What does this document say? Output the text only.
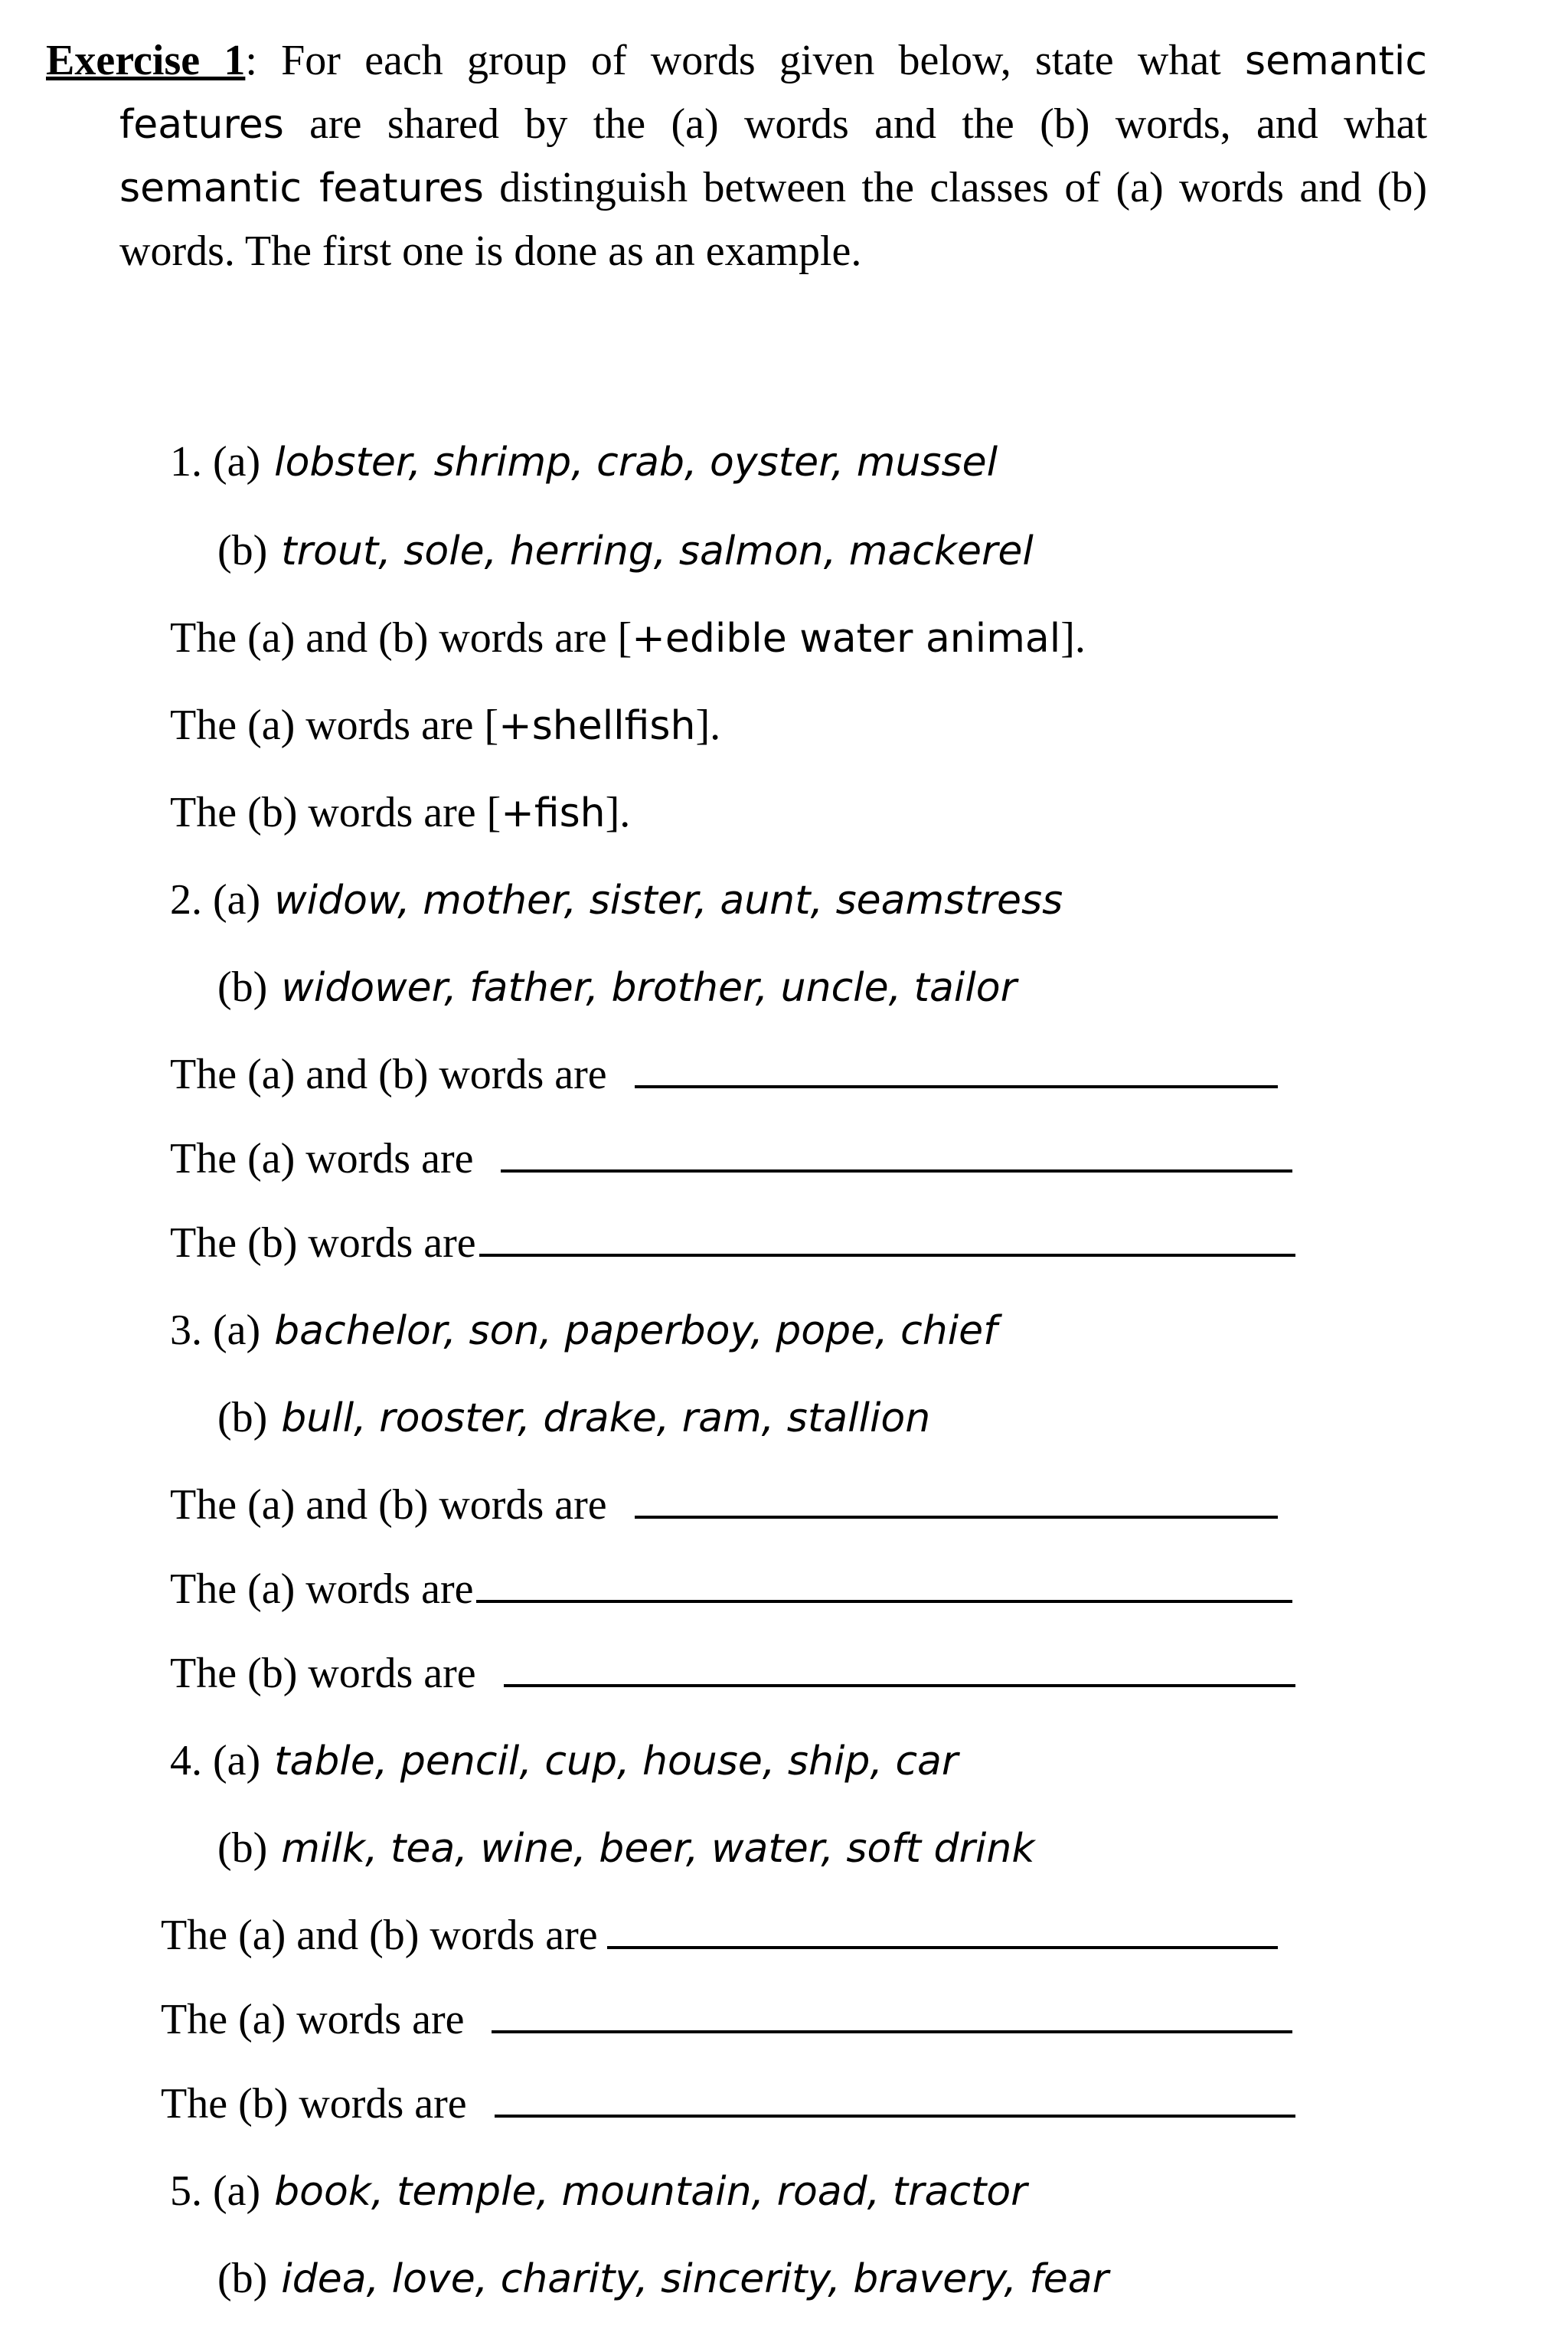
Exercise 1: For each group of words given below, state what semantic features are shared by the (a) words and the (b) words, and what semantic features distinguish between the classes of (a) words and (b) words. The first one is done as an example.
1.
(a) lobster, shrimp, crab, oyster, mussel
(b) trout, sole, herring, salmon, mackerel
The (a) and (b) words are [ +edible water animal ].
The (a) words are [ +shellfish ].
The (b) words are [ +fish ].
2.
(a) widow, mother, sister, aunt, seamstress
(b) widower, father, brother, uncle, tailor
The (a) and (b) words are
The (a) words are
The (b) words are
3.
(a) bachelor, son, paperboy, pope, chief
(b) bull, rooster, drake, ram, stallion
The (a) and (b) words are
The (a) words are
The (b) words are
4.
(a) table, pencil, cup, house, ship, car
(b) milk, tea, wine, beer, water, soft drink
The (a) and (b) words are
The (a) words are
The (b) words are
5.
(a) book, temple, mountain, road, tractor
(b) idea, love, charity, sincerity, bravery, fear
